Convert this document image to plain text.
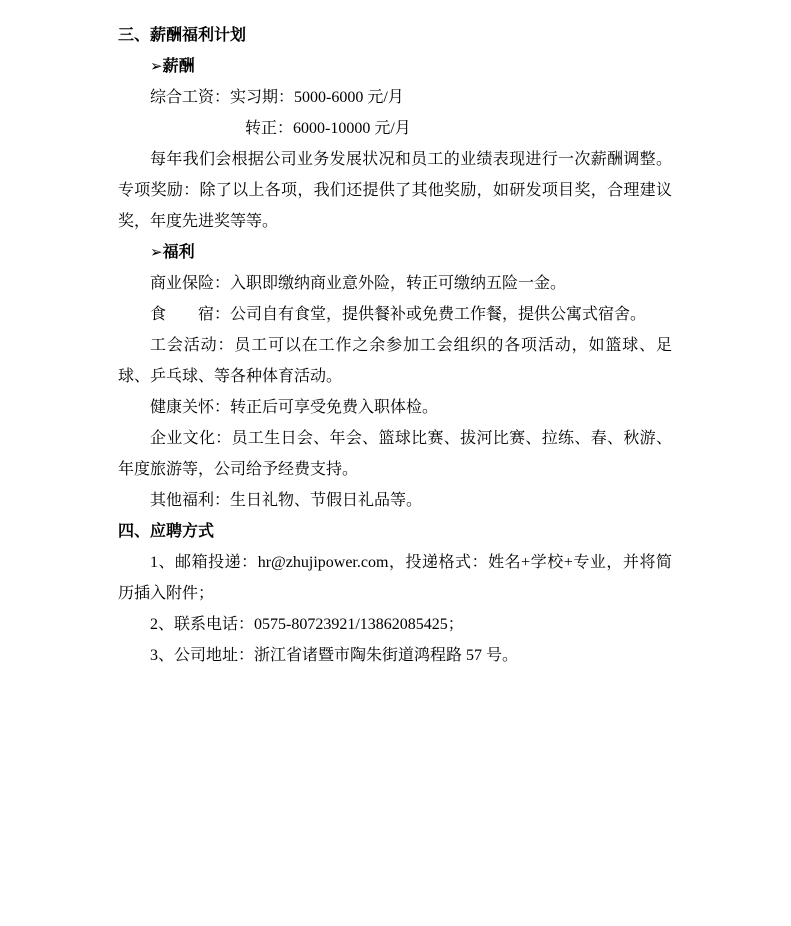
三、薪酬福利计划

➢薪酬

综合工资：实习期：5000-6000 元/月

转正：6000-10000 元/月

每年我们会根据公司业务发展状况和员工的业绩表现进行一次薪酬调整。专项奖励：除了以上各项，我们还提供了其他奖励，如研发项目奖，合理建议奖，年度先进奖等等。

➢福利

商业保险：入职即缴纳商业意外险，转正可缴纳五险一金。

食　　宿：公司自有食堂，提供餐补或免费工作餐，提供公寓式宿舍。

工会活动：员工可以在工作之余参加工会组织的各项活动，如篮球、足球、乒乓球、等各种体育活动。

健康关怀：转正后可享受免费入职体检。

企业文化：员工生日会、年会、篮球比赛、拔河比赛、拉练、春、秋游、年度旅游等，公司给予经费支持。

其他福利：生日礼物、节假日礼品等。

四、应聘方式

1、邮箱投递：hr@zhujipower.com，投递格式：姓名+学校+专业，并将简历插入附件；

2、联系电话：0575-80723921/13862085425；

3、公司地址：浙江省诸暨市陶朱街道鸿程路 57 号。
